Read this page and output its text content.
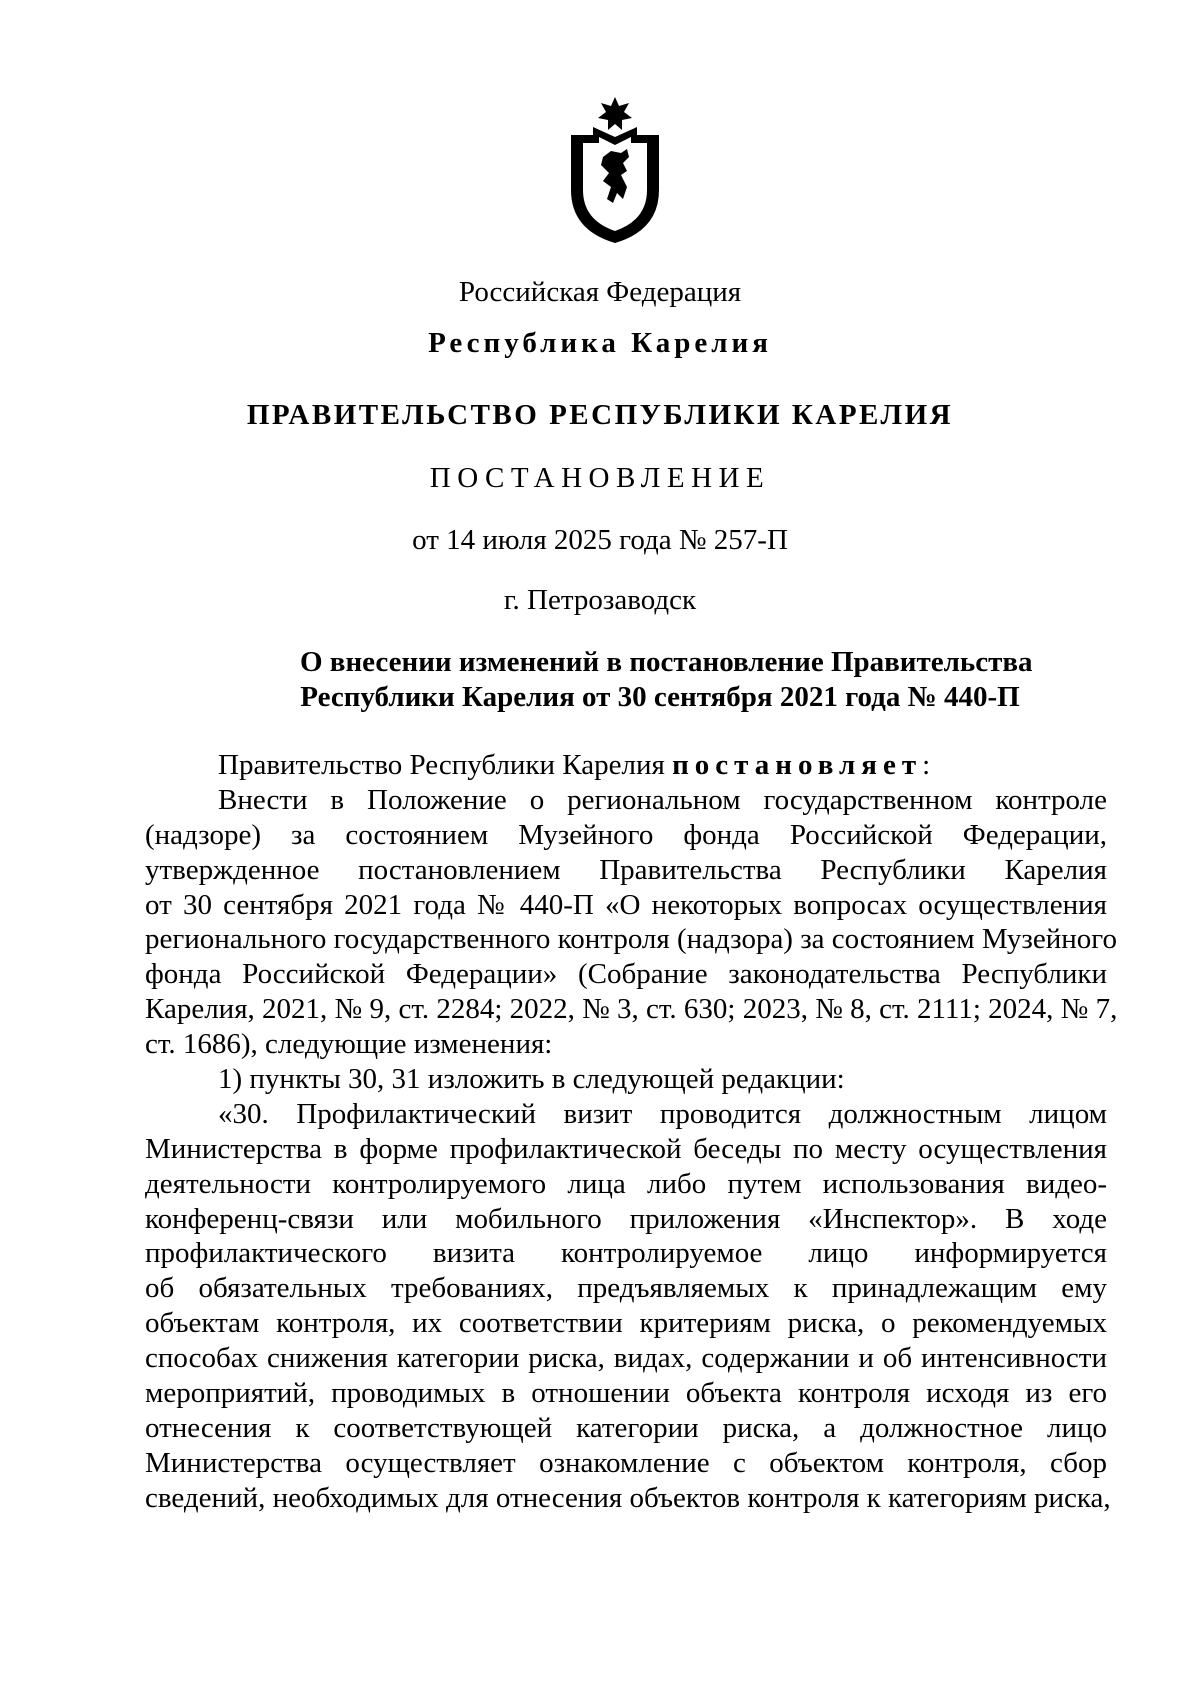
Российская Федерация
Республика Карелия
ПРАВИТЕЛЬСТВО РЕСПУБЛИКИ КАРЕЛИЯ
ПОСТАНОВЛЕНИЕ
от 14 июля 2025 года № 257-П
г. Петрозаводск
О внесении изменений в постановление Правительства
Республики Карелия от 30 сентября 2021 года № 440-П
Правительство Республики Карелия постановляет:
Внести в Положение о региональном государственном контроле
(надзоре) за состоянием Музейного фонда Российской Федерации,
утвержденное постановлением Правительства Республики Карелия
от 30 сентября 2021 года № 440-П «О некоторых вопросах осуществления
регионального государственного контроля (надзора) за состоянием Музейного
фонда Российской Федерации» (Собрание законодательства Республики
Карелия, 2021, № 9, ст. 2284; 2022, № 3, ст. 630; 2023, № 8, ст. 2111; 2024, № 7,
ст. 1686), следующие изменения:
1) пункты 30, 31 изложить в следующей редакции:
«30. Профилактический визит проводится должностным лицом
Министерства в форме профилактической беседы по месту осуществления
деятельности контролируемого лица либо путем использования видео-
конференц-связи или мобильного приложения «Инспектор». В ходе
профилактического визита контролируемое лицо информируется
об обязательных требованиях, предъявляемых к принадлежащим ему
объектам контроля, их соответствии критериям риска, о рекомендуемых
способах снижения категории риска, видах, содержании и об интенсивности
мероприятий, проводимых в отношении объекта контроля исходя из его
отнесения к соответствующей категории риска, а должностное лицо
Министерства осуществляет ознакомление с объектом контроля, сбор
сведений, необходимых для отнесения объектов контроля к категориям риска,
